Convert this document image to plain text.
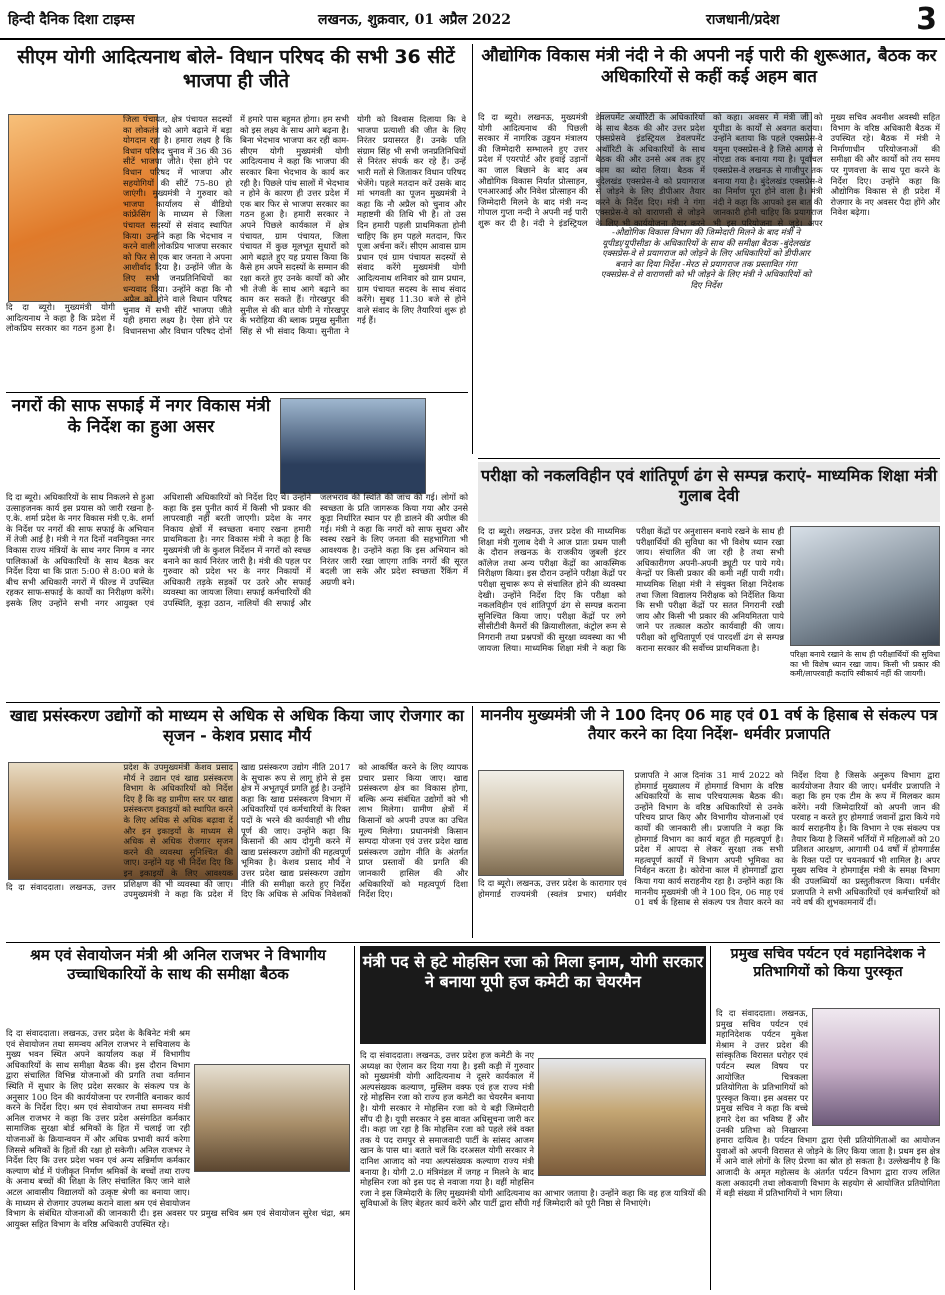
हिन्दी दैनिक दिशा टाइम्स	लखनऊ, शुक्रवार, 01 अप्रैल 2022	राजधानी/प्रदेश	3
सीएम योगी आदित्यनाथ बोले- विधान परिषद की सभी 36 सीटें भाजपा ही जीते
दि दा ब्यूरो। मुख्यमंत्री योगी आदित्यनाथ ने कहा है कि प्रदेश में लोकप्रिय सरकार का गठन हुआ है। जिला पंचायत, क्षेत्र पंचायत सदस्यों का लोकतंत्र को आगे बढ़ाने में बड़ा योगदान रहा है। हमारा लक्ष्य है कि विधान परिषद चुनाव में 36 की 36 सीटें भाजपा जीते। ऐसा होने पर विधान परिषद में भाजपा और सहयोगियों की सीटें 75-80 हो जाएंगी। मुख्यमंत्री ने गुरुवार को भाजपा कार्यालय से वीडियो कांफ्रेंसिंग के माध्यम से जिला पंचायत सदस्यों से संवाद स्थापित किया। उन्होंने कहा कि भेदभाव न करने वाली लोकप्रिय भाजपा सरकार को फिर से एक बार जनता ने अपना आशीर्वाद दिया है। उन्होंने जीत के लिए सभी जनप्रतिनिधियों का धन्यवाद दिया। उन्होंने कहा कि नौ अप्रैल को होने वाले विधान परिषद चुनाव में सभी सीटें भाजपा जीते यही हमारा लक्ष्य है। ऐसा होने पर विधानसभा और विधान परिषद दोनों में हमारे पास बहुमत होगा। हम सभी को इस लक्ष्य के साथ आगे बढ़ना है। बिना भेदभाव भाजपा कर रही काम-सीएम योगी मुख्यमंत्री योगी आदित्यनाथ ने कहा कि भाजपा की सरकार बिना भेदभाव के कार्य कर रही है। पिछले पांच सालों में भेदभाव न होने के कारण ही उत्तर प्रदेश में एक बार फिर से भाजपा सरकार का गठन हुआ है। हमारी सरकार ने अपने पिछले कार्यकाल में क्षेत्र पंचायत, ग्राम पंचायत, जिला पंचायत में कुछ मूलभूत सुधारों को आगे बढ़ाते हुए यह प्रयास किया कि कैसे हम अपने सदस्यों के सम्मान की रक्षा करते हुए उनके कार्यों को और भी तेजी के साथ आगे बढ़ाने का काम कर सकते हैं। गोरखपुर की सुनील से की बात योगी ने गोरखपुर के भरोहिया की ब्लाक प्रमुख सुनीता सिंह से भी संवाद किया। सुनीता ने योगी को विश्वास दिलाया कि वे भाजपा प्रत्याशी की जीत के लिए निरंतर प्रयासरत हैं। उनके पति संग्राम सिंह भी सभी जनप्रतिनिधियों से निरंतर संपर्क कर रहे हैं। उन्हें भारी मतों से जिताकर विधान परिषद भेजेंगे। पहले मतदान करें उसके बाद मां भगवती का पूजन मुख्यमंत्री ने कहा कि नौ अप्रैल को चुनाव और महाष्टमी की तिथि भी है। तो उस दिन हमारी पहली प्राथमिकता होनी चाहिए कि हम पहले मतदान, फिर पूजा अर्चना करें। सीएम आवास ग्राम प्रधान एवं ग्राम पंचायत सदस्यों से संवाद करेंगे मुख्यमंत्री योगी आदित्यनाथ शनिवार को ग्राम प्रधान, ग्राम पंचायत सदस्य के साथ संवाद करेंगे। सुबह 11.30 बजे से होने वाले संवाद के लिए तैयारियां शुरू हो गई हैं।
औद्योगिक विकास मंत्री नंदी ने की अपनी नई पारी की शुरूआत, बैठक कर अधिकारियों से कहीं कई अहम बात
-औद्योगिक विकास विभाग की जिम्मेदारी मिलने के बाद मंत्री ने यूपीडा/यूपीसीडा के अधिकारियों के साथ की समीक्षा बैठक -बुंदेलखंड एक्सप्रेस-वे से प्रयागराज को जोड़ने के लिए अधिकारियों को डीपीआर बनाने का दिया निर्देश -मेरठ से प्रयागराज तक प्रस्तावित गंगा एक्सप्रेस-वे से वाराणसी को भी जोड़ने के लिए मंत्री ने अधिकारियों को दिए निर्देश
दि दा ब्यूरो। लखनऊ, मुख्यमंत्री योगी आदित्यनाथ की पिछली सरकार में नागरिक उड्डयन मंत्रालय की जिम्मेदारी सम्भालने हुए उत्तर प्रदेश में एयरपोर्ट और हवाई उड़ानों का जाल बिछाने के बाद अब औद्योगिक विकास निर्यात प्रोत्साहन, एनआरआई और निवेश प्रोत्साहन की जिम्मेदारी मिलने के बाद मंत्री नन्द गोपाल गुप्ता नन्दी ने अपनी नई पारी शुरू कर दी है। नंदी ने इंडस्ट्रियल डेवलपमेंट अथॉरिटी के अधिकारियों के साथ बैठक की और उत्तर प्रदेश एक्सप्रेसवे इंडस्ट्रियल डेवलपमेंट अथॉरिटी के अधिकारियों के साथ बैठक की और उनसे अब तक हुए काम का ब्योरा लिया। बैठक में बुंदेलखंड एक्सप्रेस-वे को प्रयागराज से जोड़ने के लिए डीपीआर तैयार करने के निर्देश दिए। मंत्री ने गंगा एक्सप्रेस-वे को वाराणसी से जोड़ने के लिए भी कार्ययोजना तैयार करने को कहा। अवसर में मंत्री जी को यूपीडा के कार्यों से अवगत कराया। उन्होंने बताया कि पहले एक्सप्रेस-वे यमुना एक्सप्रेस-वे है जिसे आगरा से नोएडा तक बनाया गया है। पूर्वांचल एक्सप्रेस-वे लखनऊ से गाजीपुर तक बनाया गया है। बुंदेलखंड एक्सप्रेस-वे का निर्माण पूरा होने वाला है। मंत्री नंदी ने कहा कि आपको इस बात की जानकारी होनी चाहिए कि प्रयागराज भी इस परियोजना से जुड़े। अपर मुख्य सचिव अवनीश अवस्थी सहित विभाग के वरिष्ठ अधिकारी बैठक में उपस्थित रहे। बैठक में मंत्री ने निर्माणाधीन परियोजनाओं की समीक्षा की और कार्यों को तय समय पर गुणवत्ता के साथ पूरा करने के निर्देश दिए। उन्होंने कहा कि औद्योगिक विकास से ही प्रदेश में रोजगार के नए अवसर पैदा होंगे और निवेश बढ़ेगा।
नगरों की साफ सफाई में नगर विकास मंत्री के निर्देश का हुआ असर
दि दा ब्यूरो। अधिकारियों के साथ निकलने से हुआ उत्साहजनक कार्य इस प्रयास को जारी रखना है- ए.के. शर्मा प्रदेश के नगर विकास मंत्री ए.के. शर्मा के निर्देश पर नगरों की साफ सफाई के अभियान में तेजी आई है। मंत्री ने गत दिनों नवनियुक्त नगर विकास राज्य मंत्रियों के साथ नगर निगम व नगर पालिकाओं के अधिकारियों के साथ बैठक कर निर्देश दिया था कि प्रातः 5:00 से 8:00 बजे के बीच सभी अधिकारी नगरों में फील्ड में उपस्थित रहकर साफ-सफाई के कार्यों का निरीक्षण करेंगे। इसके लिए उन्होंने सभी नगर आयुक्त एवं अधिशासी अधिकारियों को निर्देश दिए थे। उन्होंने कहा कि इस पुनीत कार्य में किसी भी प्रकार की लापरवाही नहीं बरती जाएगी। प्रदेश के नगर निकाय क्षेत्रों में स्वच्छता बनाए रखना हमारी प्राथमिकता है। नगर विकास मंत्री ने कहा है कि मुख्यमंत्री जी के कुशल निर्देशन में नगरों को स्वच्छ बनाने का कार्य निरंतर जारी है। मंत्री की पहल पर गुरुवार को प्रदेश भर के नगर निकायों में अधिकारी तड़के सड़कों पर उतरे और सफाई व्यवस्था का जायजा लिया। सफाई कर्मचारियों की उपस्थिति, कूड़ा उठान, नालियों की सफाई और जलभराव की स्थिति की जांच की गई। लोगों को स्वच्छता के प्रति जागरूक किया गया और उनसे कूड़ा निर्धारित स्थान पर ही डालने की अपील की गई। मंत्री ने कहा कि नगरों को साफ सुथरा और स्वस्थ रखने के लिए जनता की सहभागिता भी आवश्यक है। उन्होंने कहा कि इस अभियान को निरंतर जारी रखा जाएगा ताकि नगरों की सूरत बदली जा सके और प्रदेश स्वच्छता रैंकिंग में अग्रणी बने।
परीक्षा को नकलविहीन एवं शांतिपूर्ण ढंग से सम्पन्न कराएं- माध्यमिक शिक्षा मंत्री गुलाब देवी
परिक्षा बनाये रखाने के साथ ही परीक्षार्थियों की सुविधा का भी विशेष ध्यान रखा जाय। किसी भी प्रकार की कमी/लापरवाही कदापि स्वीकार्य नहीं की जायगी।
दि दा ब्यूरो। लखनऊ, उत्तर प्रदेश की माध्यमिक शिक्षा मंत्री गुलाब देवी ने आज प्रातः प्रथम पाली के दौरान लखनऊ के राजकीय जुबली इंटर कॉलेज तथा अन्य परीक्षा केंद्रों का आकस्मिक निरीक्षण किया। इस दौरान उन्होंने परीक्षा केंद्रों पर परीक्षा सुचारू रूप से संचालित होने की व्यवस्था देखी। उन्होंने निर्देश दिए कि परीक्षा को नकलविहीन एवं शांतिपूर्ण ढंग से सम्पन्न कराना सुनिश्चित किया जाए। परीक्षा केंद्रों पर लगे सीसीटीवी कैमरों की क्रियाशीलता, कंट्रोल रूम से निगरानी तथा प्रश्नपत्रों की सुरक्षा व्यवस्था का भी जायजा लिया। माध्यमिक शिक्षा मंत्री ने कहा कि परीक्षा केंद्रों पर अनुशासन बनाये रखने के साथ ही परीक्षार्थियों की सुविधा का भी विशेष ध्यान रखा जाय। संचालित की जा रही है तथा सभी अधिकारीगण अपनी-अपनी ड्यूटी पर पाये गये। केन्द्रों पर किसी प्रकार की कमी नहीं पायी गयी। माध्यमिक शिक्षा मंत्री ने संयुक्त शिक्षा निदेशक तथा जिला विद्यालय निरीक्षक को निर्देशित किया कि सभी परीक्षा केंद्रों पर सतत निगरानी रखी जाय और किसी भी प्रकार की अनियमितता पाये जाने पर तत्काल कठोर कार्यवाही की जाय। परीक्षा को शुचितापूर्ण एवं पारदर्शी ढंग से सम्पन्न कराना सरकार की सर्वोच्च प्राथमिकता है।
खाद्य प्रसंस्करण उद्योगों को माध्यम से अधिक से अधिक किया जाए रोजगार का सृजन - केशव प्रसाद मौर्य
दि दा संवाददाता। लखनऊ, उत्तर प्रदेश के उपमुख्यमंत्री केशव प्रसाद मौर्य ने उद्यान एवं खाद्य प्रसंस्करण विभाग के अधिकारियों को निर्देश दिए हैं कि वह ग्रामीण स्तर पर खाद्य प्रसंस्करण इकाइयों को स्थापित करने के लिए अधिक से अधिक बढ़ावा दें और इन इकाइयों के माध्यम से अधिक से अधिक रोजगार सृजन करने की व्यवस्था सुनिश्चित की जाए। उन्होंने यह भी निर्देश दिए कि इन इकाइयों के लिए आवश्यक प्रशिक्षण की भी व्यवस्था की जाए। उपमुख्यमंत्री ने कहा कि प्रदेश में खाद्य प्रसंस्करण उद्योग नीति 2017 के सुचारू रूप से लागू होने से इस क्षेत्र में अभूतपूर्व प्रगति हुई है। उन्होंने कहा कि खाद्य प्रसंस्करण विभाग में अधिकारियों एवं कर्मचारियों के रिक्त पदों के भरने की कार्यवाही भी शीघ्र पूर्ण की जाए। उन्होंने कहा कि किसानों की आय दोगुनी करने में खाद्य प्रसंस्करण उद्योगों की महत्वपूर्ण भूमिका है। केशव प्रसाद मौर्य ने उत्तर प्रदेश खाद्य प्रसंस्करण उद्योग नीति की समीक्षा करते हुए निर्देश दिए कि अधिक से अधिक निवेशकों को आकर्षित करने के लिए व्यापक प्रचार प्रसार किया जाए। खाद्य प्रसंस्करण क्षेत्र का विकास होगा, बल्कि अन्य संबंधित उद्योगों को भी लाभ मिलेगा। ग्रामीण क्षेत्रों में किसानों को अपनी उपज का उचित मूल्य मिलेगा। प्रधानमंत्री किसान सम्पदा योजना एवं उत्तर प्रदेश खाद्य प्रसंस्करण उद्योग नीति के अंतर्गत प्राप्त प्रस्तावों की प्रगति की जानकारी हासिल की और अधिकारियों को महत्वपूर्ण दिशा निर्देश दिए।
माननीय मुख्यमंत्री जी ने 100 दिनए 06 माह एवं 01 वर्ष के हिसाब से संकल्प पत्र तैयार करने का दिया निर्देश- धर्मवीर प्रजापति
दि दा ब्यूरो। लखनऊ, उत्तर प्रदेश के कारागार एवं होमगार्ड राज्यमंत्री (स्वतंत्र प्रभार) धर्मवीर प्रजापति ने आज दिनांक 31 मार्च 2022 को होमगार्ड मुख्यालय में होमगार्ड विभाग के वरिष्ठ अधिकारियों के साथ परिचयात्मक बैठक की। उन्होंने विभाग के वरिष्ठ अधिकारियों से उनके परिचय प्राप्त किए और विभागीय योजनाओं एवं कार्यों की जानकारी ली। प्रजापति ने कहा कि होमगार्ड विभाग का कार्य बहुत ही महत्वपूर्ण है। प्रदेश में आपदा से लेकर सुरक्षा तक सभी महत्वपूर्ण कार्यों में विभाग अपनी भूमिका का निर्वहन करता है। कोरोना काल में होमगार्डों द्वारा किया गया कार्य सराहनीय रहा है। उन्होंने कहा कि माननीय मुख्यमंत्री जी ने 100 दिन, 06 माह एवं 01 वर्ष के हिसाब से संकल्प पत्र तैयार करने का निर्देश दिया है जिसके अनुरूप विभाग द्वारा कार्ययोजना तैयार की जाए। धर्मवीर प्रजापति ने कहा कि हम एक टीम के रूप में मिलकर काम करेंगे। नयी जिम्मेदारियों को अपनी जान की परवाह न करते हुए होमगार्ड जवानों द्वारा किये गये कार्य सराहनीय है। कि विभाग ने एक संकल्प पत्र तैयार किया है जिसमें भर्तियों में महिलाओं को 20 प्रतिशत आरक्षण, आगामी 04 वर्षों में होमगार्डस के रिक्त पदों पर चयनकार्य भी शामिल है। अपर मुख्य सचिव ने होमगार्ड्स मंत्री के समक्ष विभाग की उपलब्धियों का प्रस्तुतीकरण किया। धर्मवीर प्रजापति ने सभी अधिकारियों एवं कर्मचारियों को नये वर्ष की शुभकामनायें दीं।
श्रम एवं सेवायोजन मंत्री श्री अनिल राजभर ने विभागीय उच्चाधिकारियों के साथ की समीक्षा बैठक
दि दा संवाददाता। लखनऊ, उत्तर प्रदेश के कैबिनेट मंत्री श्रम एवं सेवायोजन तथा समन्वय अनिल राजभर ने सचिवालय के मुख्य भवन स्थित अपने कार्यालय कक्ष में विभागीय अधिकारियों के साथ समीक्षा बैठक की। इस दौरान विभाग द्वारा संचालित विभिन्न योजनाओं की प्रगति तथा वर्तमान स्थिति में सुधार के लिए प्रदेश सरकार के संकल्प पत्र के अनुसार 100 दिन की कार्ययोजना पर रणनीति बनाकर कार्य करने के निर्देश दिए। श्रम एवं सेवायोजन तथा समन्वय मंत्री अनिल राजभर ने कहा कि उत्तर प्रदेश असंगठित कर्मकार सामाजिक सुरक्षा बोर्ड श्रमिकों के हित में चलाई जा रही योजनाओं के क्रियान्वयन में और अधिक प्रभावी कार्य करेगा जिससे श्रमिकों के हितों की रक्षा हो सकेगी। अनिल राजभर ने निर्देश दिए कि उत्तर प्रदेश भवन एवं अन्य सन्निर्माण कर्मकार कल्याण बोर्ड में पंजीकृत निर्माण श्रमिकों के बच्चों तथा राज्य के अनाथ बच्चों की शिक्षा के लिए संचालित किए जाने वाले अटल आवासीय विद्यालयों को उत्कृष्ट श्रेणी का बनाया जाए। के माध्यम से रोजगार उपलब्ध कराने वाला श्रम एवं सेवायोजन विभाग के संबंधित योजनाओं की जानकारी दी। इस अवसर पर प्रमुख सचिव श्रम एवं सेवायोजन सुरेश चंद्रा, श्रम आयुक्त सहित विभाग के वरिष्ठ अधिकारी उपस्थित रहे।
मंत्री पद से हटे मोहसिन रजा को मिला इनाम, योगी सरकार ने बनाया यूपी हज कमेटी का चेयरमैन
दि दा संवाददाता। लखनऊ, उत्तर प्रदेश हज कमेटी के नए अध्यक्ष का ऐलान कर दिया गया है। इसी कड़ी में गुरुवार को मुख्यमंत्री योगी आदित्यनाथ ने दूसरे कार्यकाल में अल्पसंख्यक कल्याण, मुस्लिम वक्फ एवं हज राज्य मंत्री रहे मोहसिन रजा को राज्य हज कमेटी का चेयरमैन बनाया है। योगी सरकार ने मोहसिन रजा को ये बड़ी जिम्मेदारी सौंप दी है। यूपी सरकार ने इस बावत अधिसूचना जारी कर दी। कहा जा रहा है कि मोहसिन रजा को पहले लंबे वक्त तक ये पद रामपुर से समाजवादी पार्टी के सांसद आजम खान के पास था। बताते चलें कि दरअसल योगी सरकार ने दानिश आजाद को नया अल्पसंख्यक कल्याण राज्य मंत्री बनाया है। योगी 2.0 मंत्रिमंडल में जगह न मिलने के बाद मोहसिन रजा को इस पद से नवाजा गया है। वहीं मोहसिन रजा ने इस जिम्मेदारी के लिए मुख्यमंत्री योगी आदित्यनाथ का आभार जताया है। उन्होंने कहा कि वह हज यात्रियों की सुविधाओं के लिए बेहतर कार्य करेंगे और पार्टी द्वारा सौंपी गई जिम्मेदारी को पूरी निष्ठा से निभाएंगे।
प्रमुख सचिव पर्यटन एवं महानिदेशक ने प्रतिभागियों को किया पुरस्कृत
दि दा संवाददाता। लखनऊ, प्रमुख सचिव पर्यटन एवं महानिदेशक पर्यटन मुकेश मेश्राम ने उत्तर प्रदेश की सांस्कृतिक विरासत धरोहर एवं पर्यटन स्थल विषय पर आयोजित चित्रकला प्रतियोगिता के प्रतिभागियों को पुरस्कृत किया। इस अवसर पर प्रमुख सचिव ने कहा कि बच्चे हमारे देश का भविष्य हैं और उनकी प्रतिभा को निखारना हमारा दायित्व है। पर्यटन विभाग द्वारा ऐसी प्रतियोगिताओं का आयोजन युवाओं को अपनी विरासत से जोड़ने के लिए किया जाता है। प्रथम इस क्षेत्र में आने वाले लोगों के लिए प्रेरणा का स्रोत हो सकता है। उल्लेखनीय है कि आजादी के अमृत महोत्सव के अंतर्गत पर्यटन विभाग द्वारा राज्य ललित कला अकादमी तथा लोकवाणी विभाग के सहयोग से आयोजित प्रतियोगिता में बड़ी संख्या में प्रतिभागियों ने भाग लिया।
